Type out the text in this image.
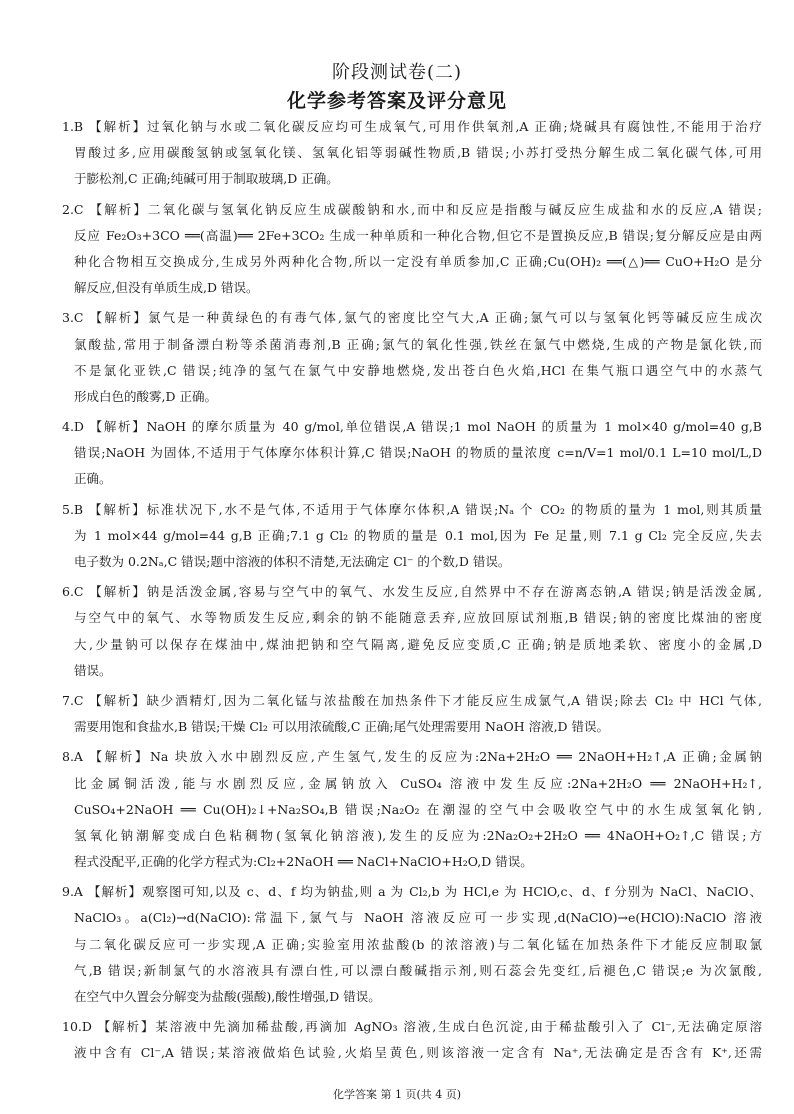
阶段测试卷(二)
化学参考答案及评分意见
1.B 【解析】过氧化钠与水或二氧化碳反应均可生成氧气,可用作供氧剂,A 正确;烧碱具有腐蚀性,不能用于治疗
胃酸过多,应用碳酸氢钠或氢氧化镁、氢氧化铝等弱碱性物质,B 错误;小苏打受热分解生成二氧化碳气体,可用
于膨松剂,C 正确;纯碱可用于制取玻璃,D 正确。
2.C 【解析】二氧化碳与氢氧化钠反应生成碳酸钠和水,而中和反应是指酸与碱反应生成盐和水的反应,A 错误;
反应 Fe₂O₃+3CO ══(高温)══ 2Fe+3CO₂ 生成一种单质和一种化合物,但它不是置换反应,B 错误;复分解反应是由两
种化合物相互交换成分,生成另外两种化合物,所以一定没有单质参加,C 正确;Cu(OH)₂ ══(△)══ CuO+H₂O 是分
解反应,但没有单质生成,D 错误。
3.C 【解析】氯气是一种黄绿色的有毒气体,氯气的密度比空气大,A 正确;氯气可以与氢氧化钙等碱反应生成次
氯酸盐,常用于制备漂白粉等杀菌消毒剂,B 正确;氯气的氧化性强,铁丝在氯气中燃烧,生成的产物是氯化铁,而
不是氯化亚铁,C 错误;纯净的氢气在氯气中安静地燃烧,发出苍白色火焰,HCl 在集气瓶口遇空气中的水蒸气
形成白色的酸雾,D 正确。
4.D 【解析】NaOH 的摩尔质量为 40 g/mol,单位错误,A 错误;1 mol NaOH 的质量为 1 mol×40 g/mol=40 g,B
错误;NaOH 为固体,不适用于气体摩尔体积计算,C 错误;NaOH 的物质的量浓度 c=n/V=1 mol/0.1 L=10 mol/L,D
正确。
5.B 【解析】标准状况下,水不是气体,不适用于气体摩尔体积,A 错误;Nₐ 个 CO₂ 的物质的量为 1 mol,则其质量
为 1 mol×44 g/mol=44 g,B 正确;7.1 g Cl₂ 的物质的量是 0.1 mol,因为 Fe 足量,则 7.1 g Cl₂ 完全反应,失去
电子数为 0.2Nₐ,C 错误;题中溶液的体积不清楚,无法确定 Cl⁻ 的个数,D 错误。
6.C 【解析】钠是活泼金属,容易与空气中的氧气、水发生反应,自然界中不存在游离态钠,A 错误;钠是活泼金属,
与空气中的氧气、水等物质发生反应,剩余的钠不能随意丢弃,应放回原试剂瓶,B 错误;钠的密度比煤油的密度
大,少量钠可以保存在煤油中,煤油把钠和空气隔离,避免反应变质,C 正确;钠是质地柔软、密度小的金属,D
错误。
7.C 【解析】缺少酒精灯,因为二氧化锰与浓盐酸在加热条件下才能反应生成氯气,A 错误;除去 Cl₂ 中 HCl 气体,
需要用饱和食盐水,B 错误;干燥 Cl₂ 可以用浓硫酸,C 正确;尾气处理需要用 NaOH 溶液,D 错误。
8.A 【解析】Na 块放入水中剧烈反应,产生氢气,发生的反应为:2Na+2H₂O ══ 2NaOH+H₂↑,A 正确;金属钠
比金属铜活泼,能与水剧烈反应,金属钠放入 CuSO₄ 溶液中发生反应:2Na+2H₂O ══ 2NaOH+H₂↑,
CuSO₄+2NaOH ══ Cu(OH)₂↓+Na₂SO₄,B 错误;Na₂O₂ 在潮湿的空气中会吸收空气中的水生成氢氧化钠,
氢氧化钠潮解变成白色粘稠物(氢氧化钠溶液),发生的反应为:2Na₂O₂+2H₂O ══ 4NaOH+O₂↑,C 错误;方
程式没配平,正确的化学方程式为:Cl₂+2NaOH ══ NaCl+NaClO+H₂O,D 错误。
9.A 【解析】观察图可知,以及 c、d、f 均为钠盐,则 a 为 Cl₂,b 为 HCl,e 为 HClO,c、d、f 分别为 NaCl、NaClO、
NaClO₃。a(Cl₂)→d(NaClO):常温下,氯气与 NaOH 溶液反应可一步实现,d(NaClO)→e(HClO):NaClO 溶液
与二氧化碳反应可一步实现,A 正确;实验室用浓盐酸(b 的浓溶液)与二氧化锰在加热条件下才能反应制取氯
气,B 错误;新制氯气的水溶液具有漂白性,可以漂白酸碱指示剂,则石蕊会先变红,后褪色,C 错误;e 为次氯酸,
在空气中久置会分解变为盐酸(强酸),酸性增强,D 错误。
10.D 【解析】某溶液中先滴加稀盐酸,再滴加 AgNO₃ 溶液,生成白色沉淀,由于稀盐酸引入了 Cl⁻,无法确定原溶
液中含有 Cl⁻,A 错误;某溶液做焰色试验,火焰呈黄色,则该溶液一定含有 Na⁺,无法确定是否含有 K⁺,还需
化学答案 第 1 页(共 4 页)
